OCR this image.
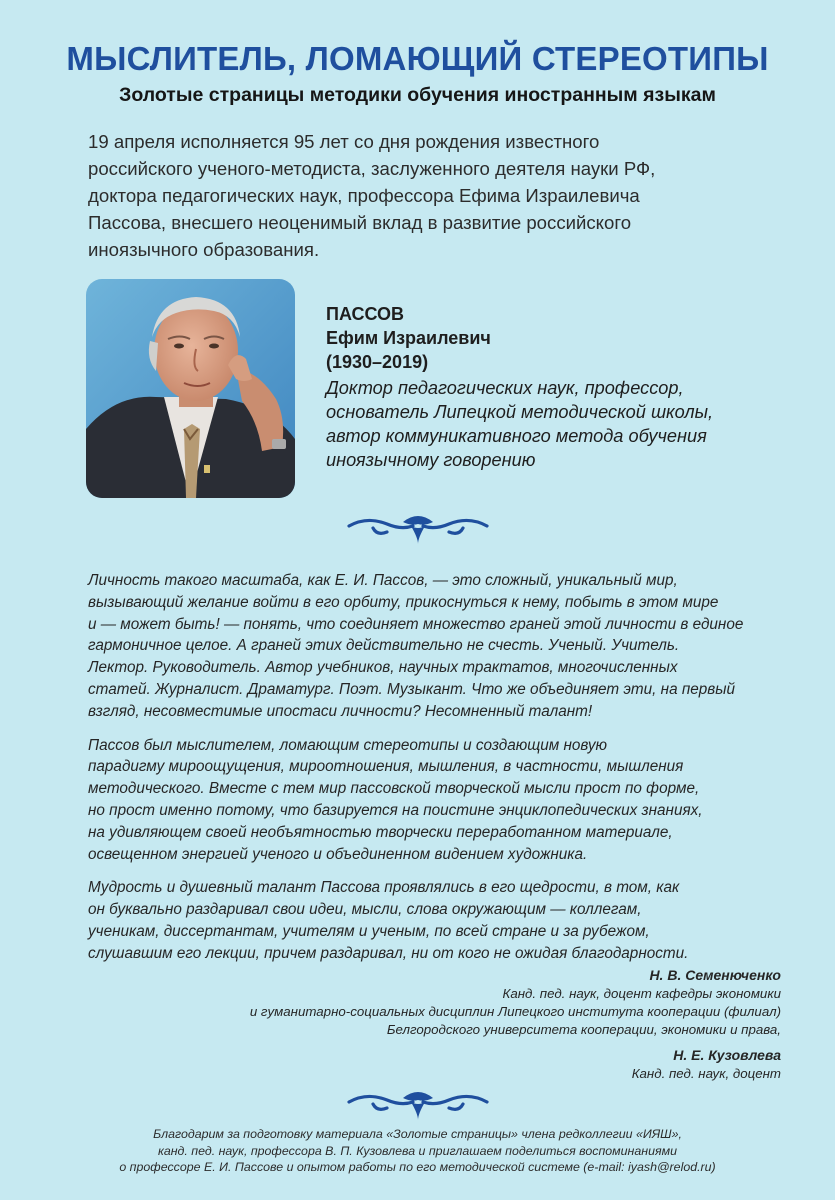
МЫСЛИТЕЛЬ, ЛОМАЮЩИЙ СТЕРЕОТИПЫ
Золотые страницы методики обучения иностранным языкам
19 апреля исполняется 95 лет со дня рождения известного
российского ученого-методиста, заслуженного деятеля науки РФ,
доктора педагогических наук, профессора Ефима Израилевича
Пассова, внесшего неоценимый вклад в развитие российского
иноязычного образования.
ПАССОВ
Ефим Израилевич
(1930–2019)
Доктор педагогических наук, профессор,
основатель Липецкой методической школы,
автор коммуникативного метода обучения
иноязычному говорению

Личность такого масштаба, как Е. И. Пассов, — это сложный, уникальный мир,
вызывающий желание войти в его орбиту, прикоснуться к нему, побыть в этом мире
и — может быть! — понять, что соединяет множество граней этой личности в единое
гармоничное целое. А граней этих действительно не счесть. Ученый. Учитель.
Лектор. Руководитель. Автор учебников, научных трактатов, многочисленных
статей. Журналист. Драматург. Поэт. Музыкант. Что же объединяет эти, на первый
взгляд, несовместимые ипостаси личности? Несомненный талант!

Пассов был мыслителем, ломающим стереотипы и создающим новую
парадигму мироощущения, мироотношения, мышления, в частности, мышления
методического. Вместе с тем мир пассовской творческой мысли прост по форме,
но прост именно потому, что базируется на поистине энциклопедических знаниях,
на удивляющем своей необъятностью творчески переработанном материале,
освещенном энергией ученого и объединенном видением художника.

Мудрость и душевный талант Пассова проявлялись в его щедрости, в том, как
он буквально раздаривал свои идеи, мысли, слова окружающим — коллегам,
ученикам, диссертантам, учителям и ученым, по всей стране и за рубежом,
слушавшим его лекции, причем раздаривал, ни от кого не ожидая благодарности.

Н. В. Семенюченко

Канд. пед. наук, доцент кафедры экономики
и гуманитарно-социальных дисциплин Липецкого института кооперации (филиал)
Белгородского университета кооперации, экономики и права,

Н. Е. Кузовлева

Канд. пед. наук, доцент
Благодарим за подготовку материала «Золотые страницы» члена редколлегии «ИЯШ»,
канд. пед. наук, профессора В. П. Кузовлева и приглашаем поделиться воспоминаниями
о профессоре Е. И. Пассове и опытом работы по его методической системе (e-mail: iyash@relod.ru)
